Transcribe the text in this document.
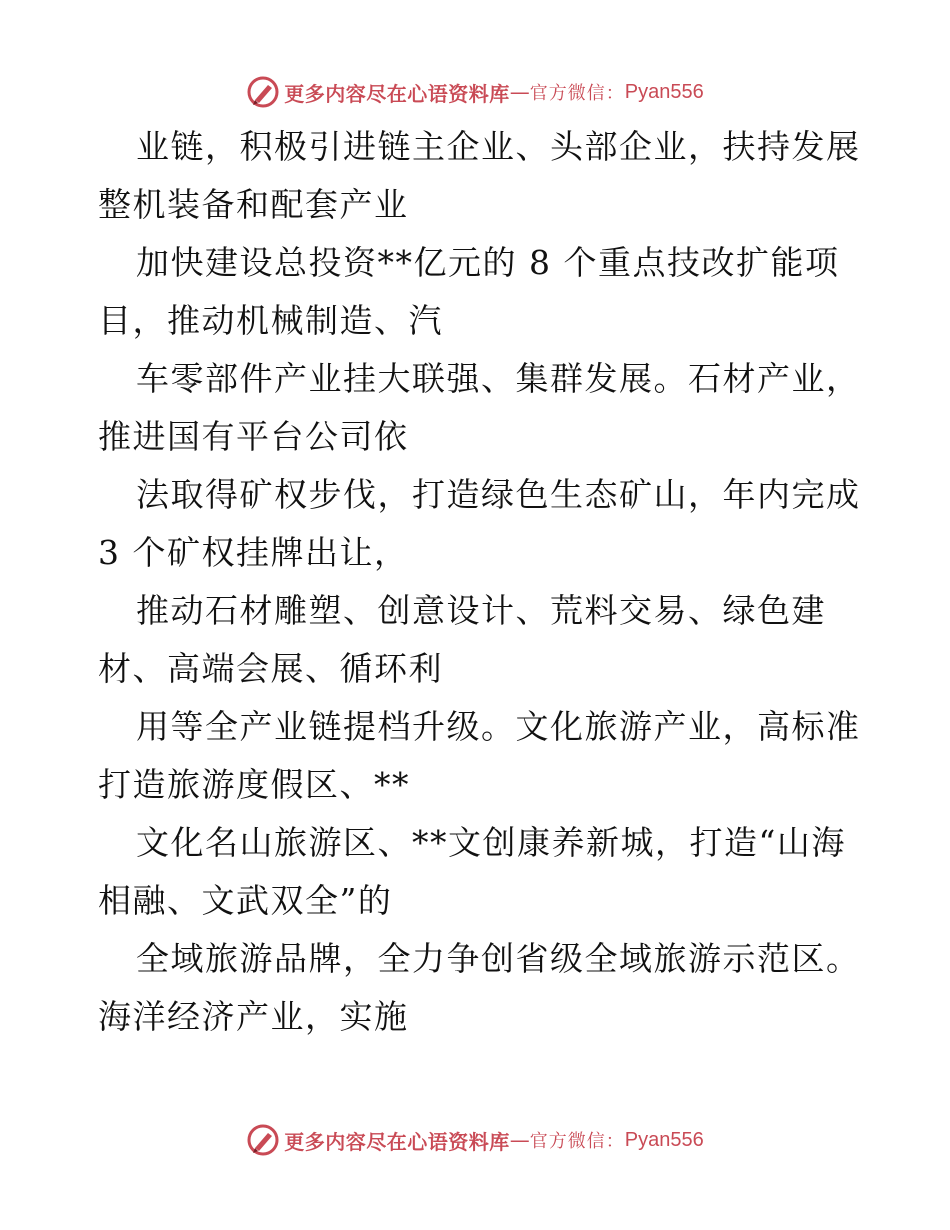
更多内容尽在心语资料库 — 官方微信： Pyan556
业链，积极引进链主企业、头部企业，扶持发展
整机装备和配套产业
加快建设总投资**亿元的 8 个重点技改扩能项
目，推动机械制造、汽
车零部件产业挂大联强、集群发展。石材产业，
推进国有平台公司依
法取得矿权步伐，打造绿色生态矿山，年内完成
3 个矿权挂牌出让，
推动石材雕塑、创意设计、荒料交易、绿色建
材、高端会展、循环利
用等全产业链提档升级。文化旅游产业，高标准
打造旅游度假区、**
文化名山旅游区、**文创康养新城，打造“山海
相融、文武双全”的
全域旅游品牌，全力争创省级全域旅游示范区。
海洋经济产业，实施
更多内容尽在心语资料库 — 官方微信： Pyan556
